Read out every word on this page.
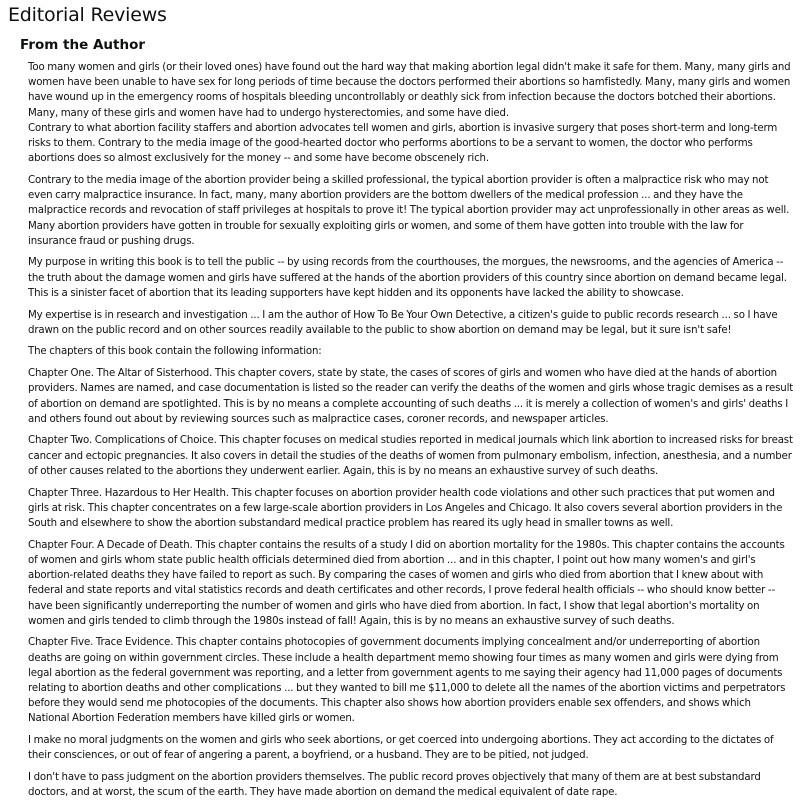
Editorial Reviews
From the Author

Too many women and girls (or their loved ones) have found out the hard way that making abortion legal didn't make it safe for them. Many, many girls and women have been unable to have sex for long periods of time because the doctors performed their abortions so hamfistedly. Many, many girls and women have wound up in the emergency rooms of hospitals bleeding uncontrollably or deathly sick from infection because the doctors botched their abortions. Many, many of these girls and women have had to undergo hysterectomies, and some have died.

Contrary to what abortion facility staffers and abortion advocates tell women and girls, abortion is invasive surgery that poses short-term and long-term risks to them. Contrary to the media image of the good-hearted doctor who performs abortions to be a servant to women, the doctor who performs abortions does so almost exclusively for the money -- and some have become obscenely rich.

Contrary to the media image of the abortion provider being a skilled professional, the typical abortion provider is often a malpractice risk who may not even carry malpractice insurance. In fact, many, many abortion providers are the bottom dwellers of the medical profession ... and they have the malpractice records and revocation of staff privileges at hospitals to prove it! The typical abortion provider may act unprofessionally in other areas as well. Many abortion providers have gotten in trouble for sexually exploiting girls or women, and some of them have gotten into trouble with the law for insurance fraud or pushing drugs.

My purpose in writing this book is to tell the public -- by using records from the courthouses, the morgues, the newsrooms, and the agencies of America -- the truth about the damage women and girls have suffered at the hands of the abortion providers of this country since abortion on demand became legal. This is a sinister facet of abortion that its leading supporters have kept hidden and its opponents have lacked the ability to showcase.

My expertise is in research and investigation ... I am the author of How To Be Your Own Detective, a citizen's guide to public records research ... so I have drawn on the public record and on other sources readily available to the public to show abortion on demand may be legal, but it sure isn't safe!

The chapters of this book contain the following information:

Chapter One. The Altar of Sisterhood. This chapter covers, state by state, the cases of scores of girls and women who have died at the hands of abortion providers. Names are named, and case documentation is listed so the reader can verify the deaths of the women and girls whose tragic demises as a result of abortion on demand are spotlighted. This is by no means a complete accounting of such deaths ... it is merely a collection of women's and girls' deaths I and others found out about by reviewing sources such as malpractice cases, coroner records, and newspaper articles.

Chapter Two. Complications of Choice. This chapter focuses on medical studies reported in medical journals which link abortion to increased risks for breast cancer and ectopic pregnancies. It also covers in detail the studies of the deaths of women from pulmonary embolism, infection, anesthesia, and a number of other causes related to the abortions they underwent earlier. Again, this is by no means an exhaustive survey of such deaths.

Chapter Three. Hazardous to Her Health. This chapter focuses on abortion provider health code violations and other such practices that put women and girls at risk. This chapter concentrates on a few large-scale abortion providers in Los Angeles and Chicago. It also covers several abortion providers in the South and elsewhere to show the abortion substandard medical practice problem has reared its ugly head in smaller towns as well.

Chapter Four. A Decade of Death. This chapter contains the results of a study I did on abortion mortality for the 1980s. This chapter contains the accounts of women and girls whom state public health officials determined died from abortion ... and in this chapter, I point out how many women's and girl's abortion-related deaths they have failed to report as such. By comparing the cases of women and girls who died from abortion that I knew about with federal and state reports and vital statistics records and death certificates and other records, I prove federal health officials -- who should know better -- have been significantly underreporting the number of women and girls who have died from abortion. In fact, I show that legal abortion's mortality on women and girls tended to climb through the 1980s instead of fall! Again, this is by no means an exhaustive survey of such deaths.

Chapter Five. Trace Evidence. This chapter contains photocopies of government documents implying concealment and/or underreporting of abortion deaths are going on within government circles. These include a health department memo showing four times as many women and girls were dying from legal abortion as the federal government was reporting, and a letter from government agents to me saying their agency had 11,000 pages of documents relating to abortion deaths and other complications ... but they wanted to bill me $11,000 to delete all the names of the abortion victims and perpetrators before they would send me photocopies of the documents. This chapter also shows how abortion providers enable sex offenders, and shows which National Abortion Federation members have killed girls or women.

I make no moral judgments on the women and girls who seek abortions, or get coerced into undergoing abortions. They act according to the dictates of their consciences, or out of fear of angering a parent, a boyfriend, or a husband. They are to be pitied, not judged.

I don't have to pass judgment on the abortion providers themselves. The public record proves objectively that many of them are at best substandard doctors, and at worst, the scum of the earth. They have made abortion on demand the medical equivalent of date rape.
